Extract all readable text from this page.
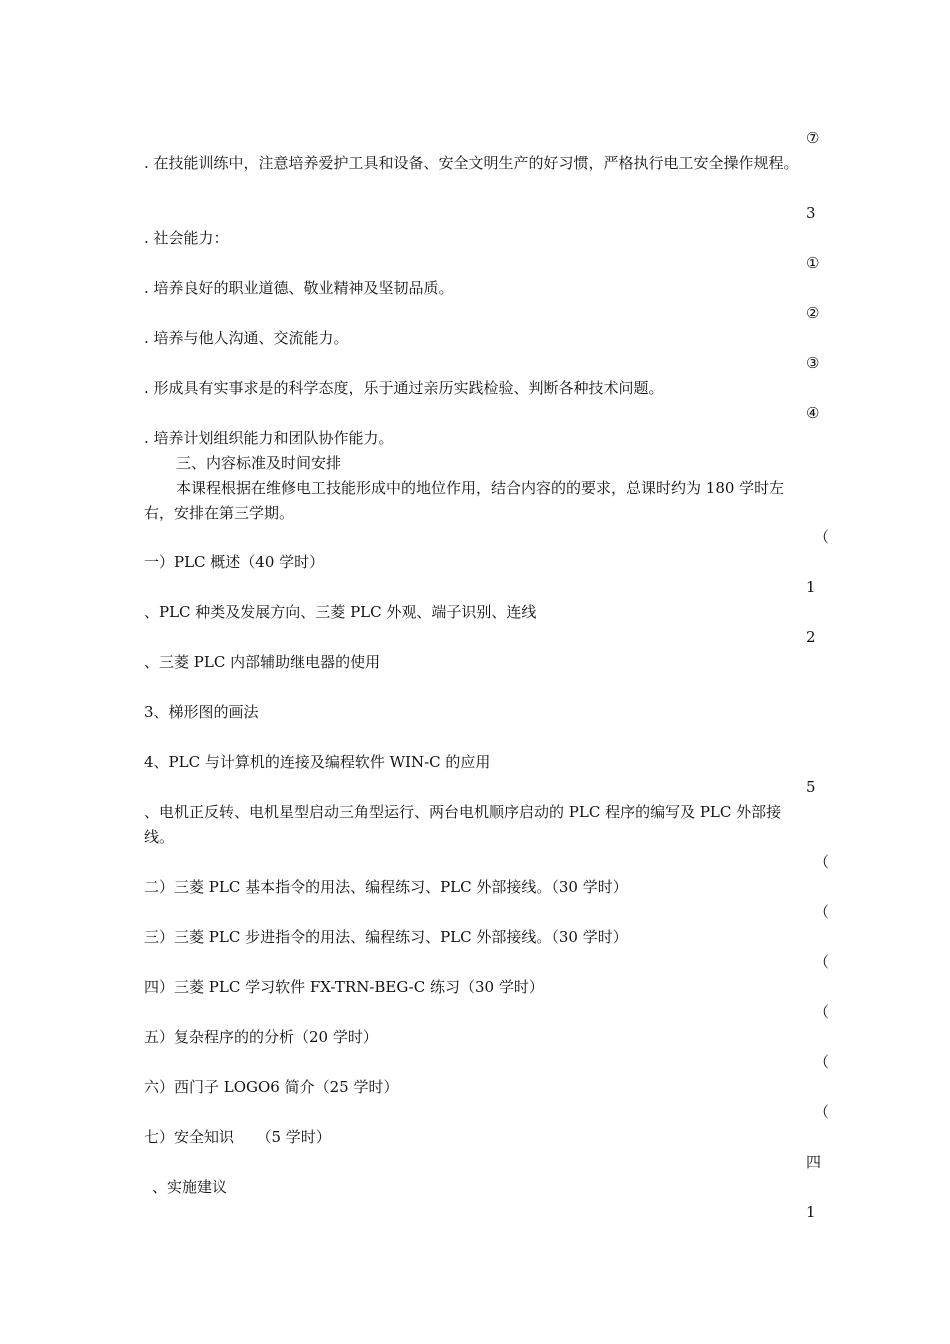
⑦
. 在技能训练中，注意培养爱护工具和设备、安全文明生产的好习惯，严格执行电工安全操作规程。
3
. 社会能力：
①
. 培养良好的职业道德、敬业精神及坚韧品质。
②
. 培养与他人沟通、交流能力。
③
. 形成具有实事求是的科学态度，乐于通过亲历实践检验、判断各种技术问题。
④
. 培养计划组织能力和团队协作能力。
三、内容标准及时间安排
本课程根据在维修电工技能形成中的地位作用，结合内容的的要求，总课时约为 180 学时左右，安排在第三学期。
（
一）PLC 概述（40 学时）
1
、PLC 种类及发展方向、三菱 PLC 外观、端子识别、连线
2
、三菱 PLC 内部辅助继电器的使用
3、梯形图的画法
4、PLC 与计算机的连接及编程软件 WIN-C 的应用
5
、电机正反转、电机星型启动三角型运行、两台电机顺序启动的 PLC 程序的编写及 PLC 外部接线。
（
二）三菱 PLC 基本指令的用法、编程练习、PLC 外部接线。（30 学时）
（
三）三菱 PLC 步进指令的用法、编程练习、PLC 外部接线。（30 学时）
（
四）三菱 PLC 学习软件 FX-TRN-BEG-C 练习（30 学时）
（
五）复杂程序的的分析（20 学时）
（
六）西门子 LOGO6 简介（25 学时）
（
七）安全知识　　（5 学时）
四
、实施建议
1
